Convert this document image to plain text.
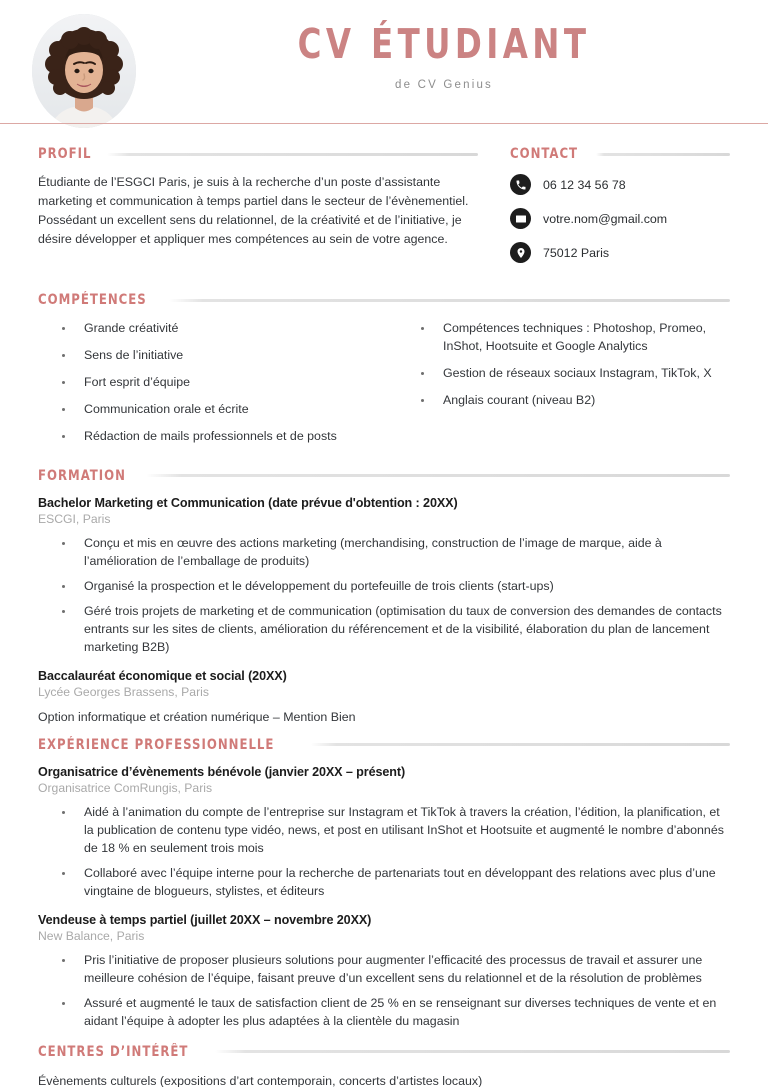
CV ÉTUDIANT
de CV Genius
PROFIL

Étudiante de l’ESGCI Paris, je suis à la recherche d’un poste d’assistante marketing et communication à temps partiel dans le secteur de l’évènementiel. Possédant un excellent sens du relationnel, de la créativité et de l’initiative, je désire développer et appliquer mes compétences au sein de votre agence.

CONTACT
06 12 34 56 78
votre.nom@gmail.com
75012 Paris
COMPÉTENCES
Grande créativité
Sens de l’initiative
Fort esprit d’équipe
Communication orale et écrite
Rédaction de mails professionnels et de posts
Compétences techniques : Photoshop, Promeo, InShot, Hootsuite et Google Analytics
Gestion de réseaux sociaux Instagram, TikTok, X
Anglais courant (niveau B2)
FORMATION
Bachelor Marketing et Communication (date prévue d'obtention : 20XX)
ESCGI, Paris
Conçu et mis en œuvre des actions marketing (merchandising, construction de l’image de marque, aide à l’amélioration de l’emballage de produits)
Organisé la prospection et le développement du portefeuille de trois clients (start-ups)
Géré trois projets de marketing et de communication (optimisation du taux de conversion des demandes de contacts entrants sur les sites de clients, amélioration du référencement et de la visibilité, élaboration du plan de lancement marketing B2B)
Baccalauréat économique et social (20XX)
Lycée Georges Brassens, Paris
Option informatique et création numérique – Mention Bien
EXPÉRIENCE PROFESSIONNELLE
Organisatrice d’évènements bénévole (janvier 20XX – présent)
Organisatrice ComRungis, Paris
Aidé à l’animation du compte de l’entreprise sur Instagram et TikTok à travers la création, l’édition, la planification, et la publication de contenu type vidéo, news, et post en utilisant InShot et Hootsuite et augmenté le nombre d’abonnés de 18 % en seulement trois mois
Collaboré avec l’équipe interne pour la recherche de partenariats tout en développant des relations avec plus d’une vingtaine de blogueurs, stylistes, et éditeurs
Vendeuse à temps partiel (juillet 20XX – novembre 20XX)
New Balance, Paris
Pris l’initiative de proposer plusieurs solutions pour augmenter l’efficacité des processus de travail et assurer une meilleure cohésion de l’équipe, faisant preuve d’un excellent sens du relationnel et de la résolution de problèmes
Assuré et augmenté le taux de satisfaction client de 25 % en se renseignant sur diverses techniques de vente et en aidant l’équipe à adopter les plus adaptées à la clientèle du magasin
CENTRES D’INTÉRÊT
Évènements culturels (expositions d’art contemporain, concerts d’artistes locaux)
